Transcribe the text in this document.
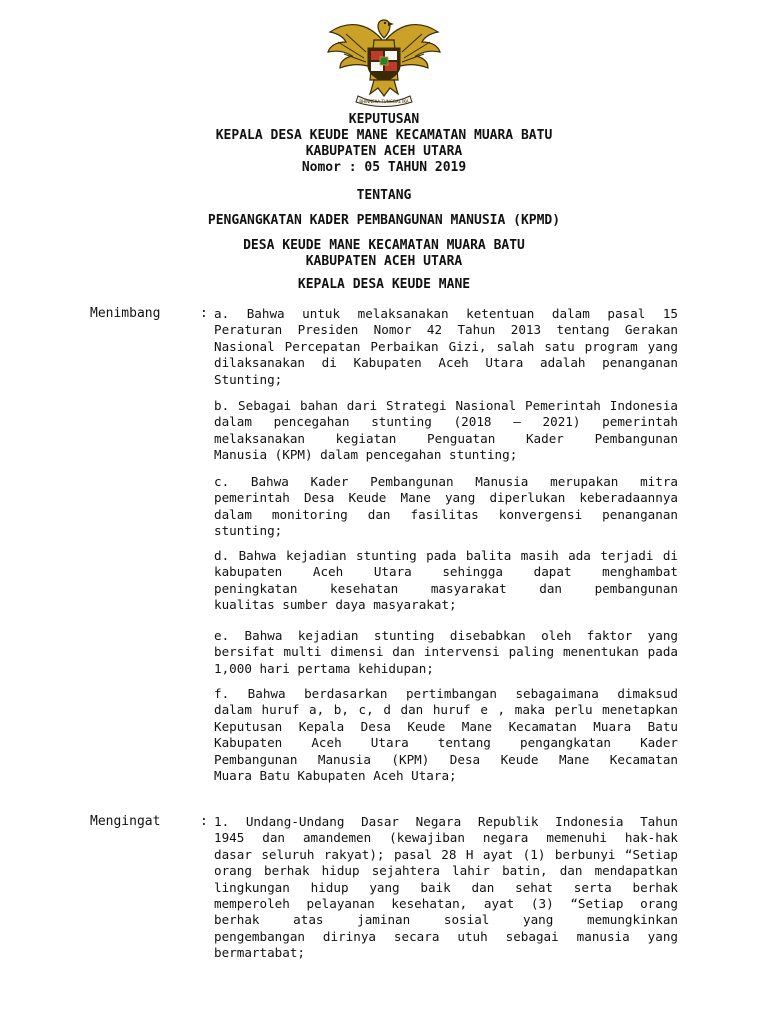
BHINNEKA TUNGGAL IKA
KEPUTUSAN
KEPALA DESA KEUDE MANE KECAMATAN MUARA BATU
KABUPATEN ACEH UTARA
Nomor : 05 TAHUN 2019
TENTANG
PENGANGKATAN KADER PEMBANGUNAN MANUSIA (KPMD)
DESA KEUDE MANE KECAMATAN MUARA BATU
KABUPATEN ACEH UTARA
KEPALA DESA KEUDE MANE
Menimbang	: a. Bahwa untuk melaksanakan ketentuan dalam pasal 15
Peraturan Presiden Nomor 42 Tahun 2013 tentang Gerakan
Nasional Percepatan Perbaikan Gizi, salah satu program yang
dilaksanakan di Kabupaten Aceh Utara adalah penanganan
Stunting;
b. Sebagai bahan dari Strategi Nasional Pemerintah Indonesia
dalam pencegahan stunting (2018 – 2021) pemerintah
melaksanakan kegiatan Penguatan Kader Pembangunan
Manusia (KPM) dalam pencegahan stunting;
c. Bahwa Kader Pembangunan Manusia merupakan mitra
pemerintah Desa Keude Mane yang diperlukan keberadaannya
dalam monitoring dan fasilitas konvergensi penanganan
stunting;
d. Bahwa kejadian stunting pada balita masih ada terjadi di
kabupaten Aceh Utara sehingga dapat menghambat
peningkatan kesehatan masyarakat dan pembangunan
kualitas sumber daya masyarakat;
e. Bahwa kejadian stunting disebabkan oleh faktor yang
bersifat multi dimensi dan intervensi paling menentukan pada
1,000 hari pertama kehidupan;
f. Bahwa berdasarkan pertimbangan sebagaimana dimaksud
dalam huruf a, b, c, d dan huruf e , maka perlu menetapkan
Keputusan Kepala Desa Keude Mane Kecamatan Muara Batu
Kabupaten Aceh Utara tentang pengangkatan Kader
Pembangunan Manusia (KPM) Desa Keude Mane Kecamatan
Muara Batu Kabupaten Aceh Utara;
Mengingat	: 1. Undang-Undang Dasar Negara Republik Indonesia Tahun
1945 dan amandemen (kewajiban negara memenuhi hak-hak
dasar seluruh rakyat); pasal 28 H ayat (1) berbunyi “Setiap
orang berhak hidup sejahtera lahir batin, dan mendapatkan
lingkungan hidup yang baik dan sehat serta berhak
memperoleh pelayanan kesehatan, ayat (3) “Setiap orang
berhak atas jaminan sosial yang memungkinkan
pengembangan dirinya secara utuh sebagai manusia yang
bermartabat;
